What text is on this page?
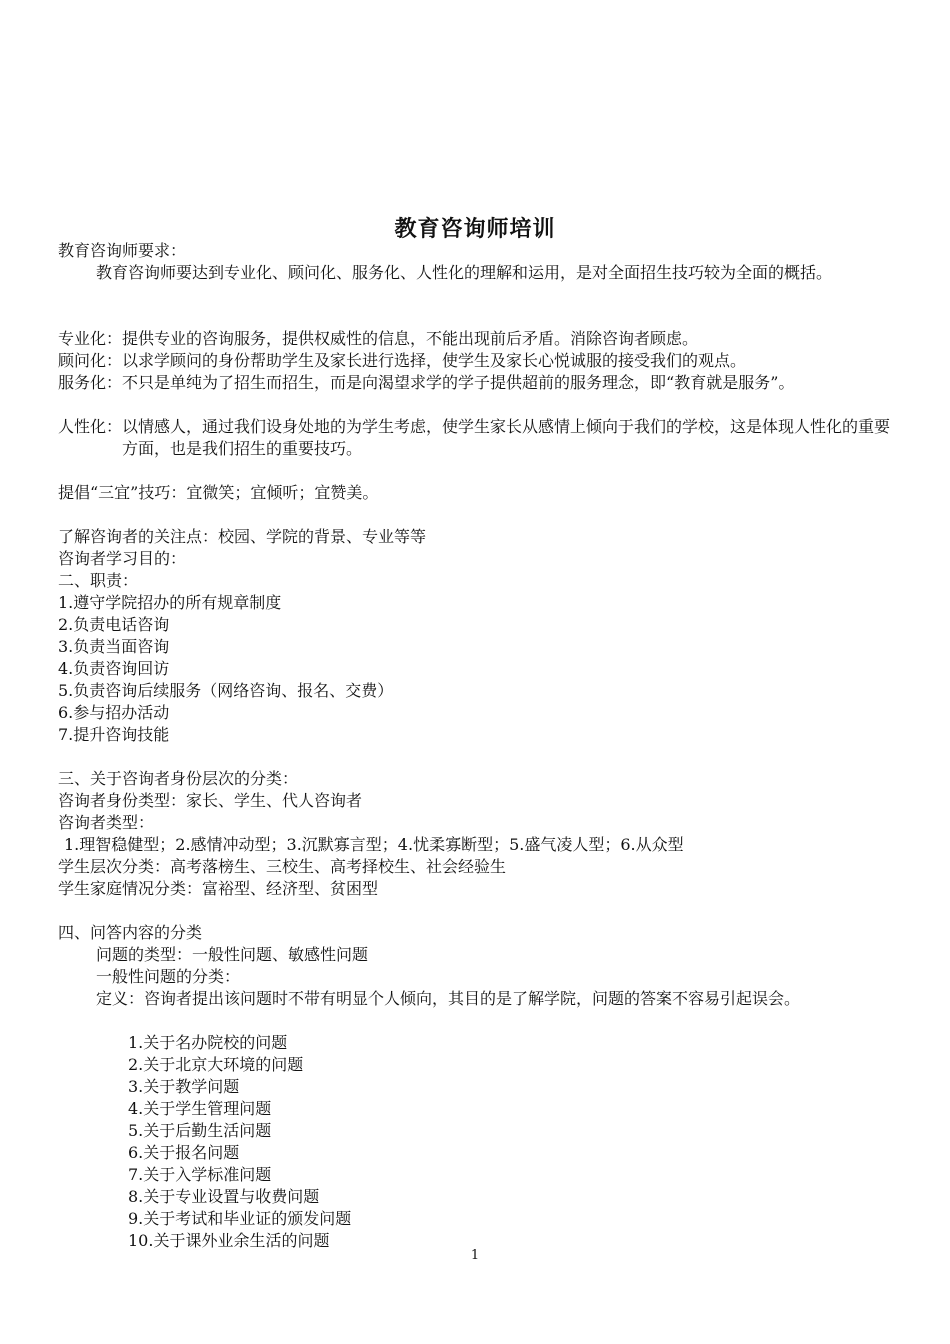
教育咨询师培训
教育咨询师要求：
教育咨询师要达到专业化、顾问化、服务化、人性化的理解和运用，是对全面招生技巧较为全面的概括。
专业化： 提供专业的咨询服务，提供权威性的信息，不能出现前后矛盾。消除咨询者顾虑。
顾问化： 以求学顾问的身份帮助学生及家长进行选择，使学生及家长心悦诚服的接受我们的观点。
服务化： 不只是单纯为了招生而招生，而是向渴望求学的学子提供超前的服务理念，即“教育就是服务”。
人性化： 以情感人，通过我们设身处地的为学生考虑，使学生家长从感情上倾向于我们的学校，这是体现人性化的重要方面，也是我们招生的重要技巧。
提倡“三宜”技巧：宜微笑；宜倾听；宜赞美。
了解咨询者的关注点：校园、学院的背景、专业等等
咨询者学习目的：
二、职责：
1.遵守学院招办的所有规章制度
2.负责电话咨询
3.负责当面咨询
4.负责咨询回访
5.负责咨询后续服务（网络咨询、报名、交费）
6.参与招办活动
7.提升咨询技能
三、关于咨询者身份层次的分类：
咨询者身份类型：家长、学生、代人咨询者
咨询者类型：
1.理智稳健型；2.感情冲动型；3.沉默寡言型；4.忧柔寡断型；5.盛气凌人型；6.从众型
学生层次分类：高考落榜生、三校生、高考择校生、社会经验生
学生家庭情况分类：富裕型、经济型、贫困型
四、问答内容的分类
问题的类型：一般性问题、敏感性问题
一般性问题的分类：
定义： 咨询者提出该问题时不带有明显个人倾向，其目的是了解学院，问题的答案不容易引起误会。
1.关于名办院校的问题
2.关于北京大环境的问题
3.关于教学问题
4.关于学生管理问题
5.关于后勤生活问题
6.关于报名问题
7.关于入学标准问题
8.关于专业设置与收费问题
9.关于考试和毕业证的颁发问题
10.关于课外业余生活的问题
1
